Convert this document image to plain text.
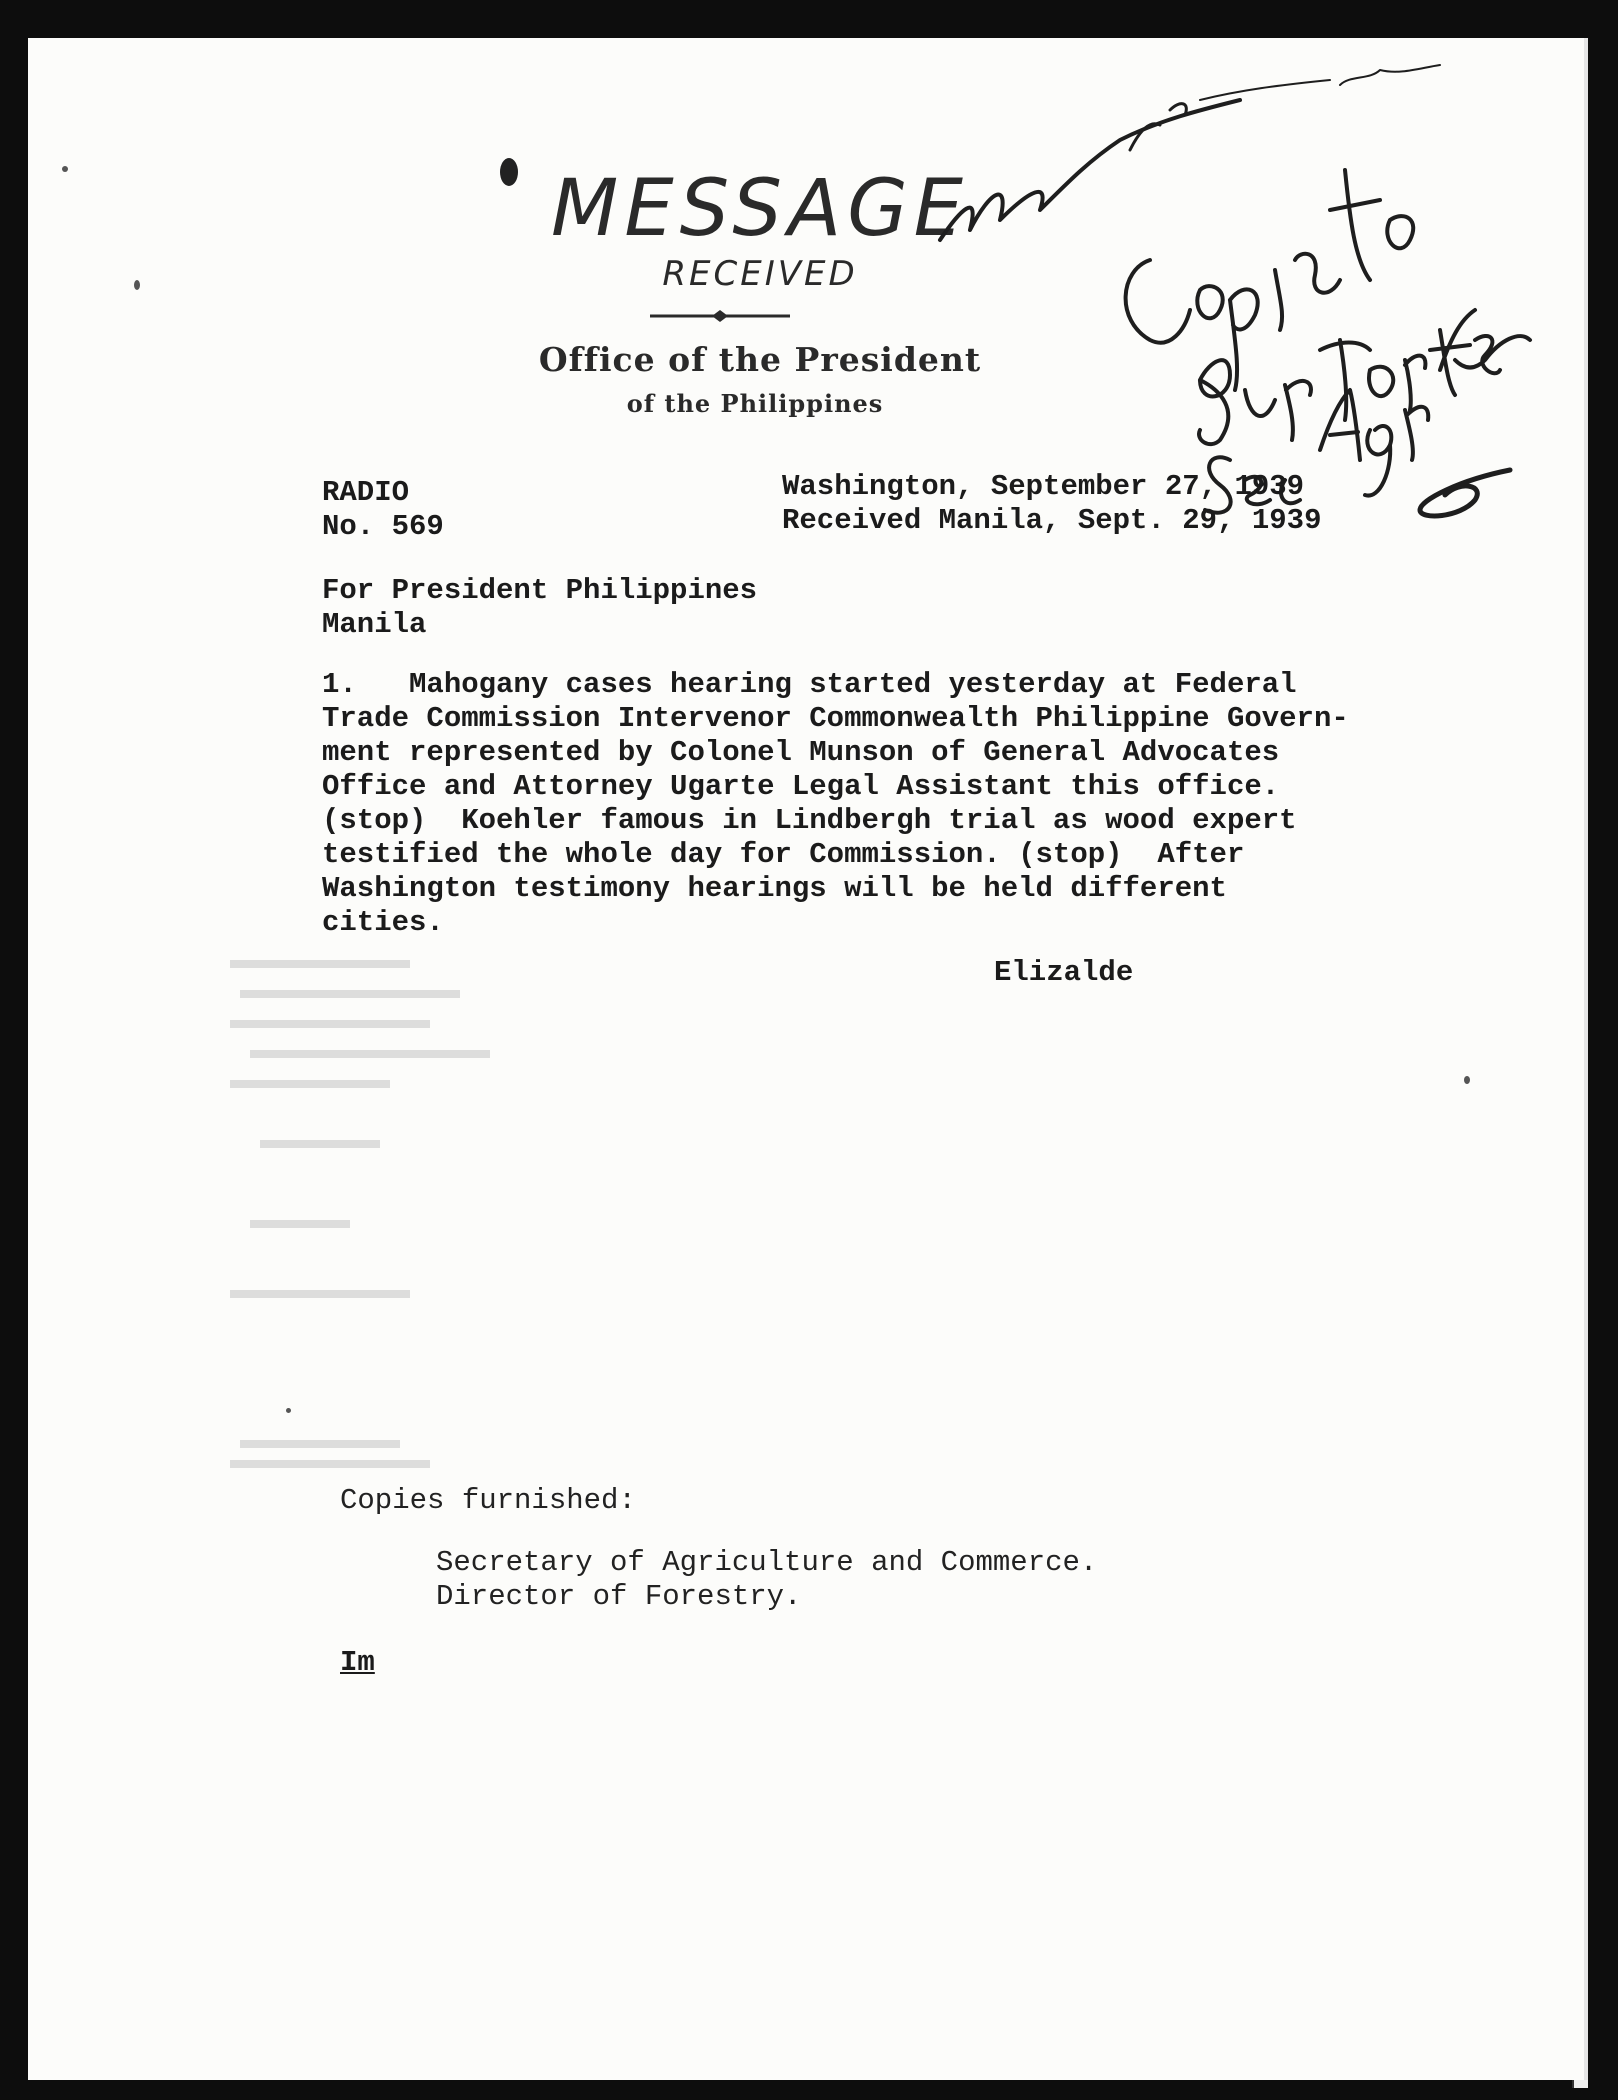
MESSAGE
RECEIVED
Office of the President
of the Philippines
RADIO
No. 569
Washington, September 27, 1939
Received Manila, Sept. 29, 1939
For President Philippines
Manila
1.   Mahogany cases hearing started yesterday at Federal
Trade Commission Intervenor Commonwealth Philippine Govern-
ment represented by Colonel Munson of General Advocates
Office and Attorney Ugarte Legal Assistant this office.
(stop)  Koehler famous in Lindbergh trial as wood expert
testified the whole day for Commission. (stop)  After
Washington testimony hearings will be held different
cities.
Elizalde
Copies furnished:
Secretary of Agriculture and Commerce.
Director of Forestry.
Im
